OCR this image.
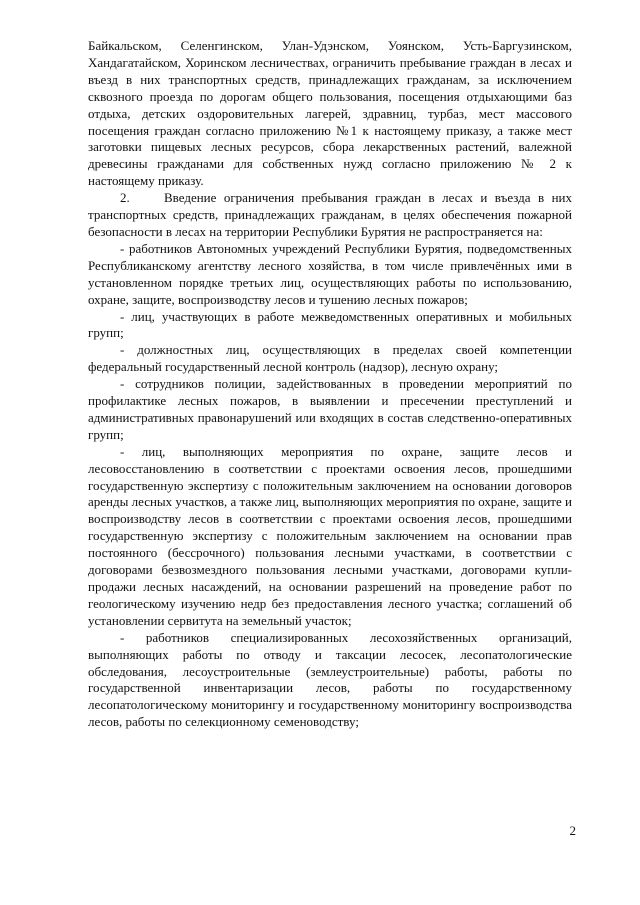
Байкальском, Селенгинском, Улан-Удэнском, Уоянском, Усть-Баргузинском, Хандагатайском, Хоринском лесничествах, ограничить пребывание граждан в лесах и въезд в них транспортных средств, принадлежащих гражданам, за исключением сквозного проезда по дорогам общего пользования, посещения отдыхающими баз отдыха, детских оздоровительных лагерей, здравниц, турбаз, мест массового посещения граждан согласно приложению №1 к настоящему приказу, а также мест заготовки пищевых лесных ресурсов, сбора лекарственных растений, валежной древесины гражданами для собственных нужд согласно приложению № 2 к настоящему приказу.

2.	Введение ограничения пребывания граждан в лесах и въезда в них транспортных средств, принадлежащих гражданам, в целях обеспечения пожарной безопасности в лесах на территории Республики Бурятия не распространяется на:

- работников Автономных учреждений Республики Бурятия, подведомственных Республиканскому агентству лесного хозяйства, в том числе привлечённых ими в установленном порядке третьих лиц, осуществляющих работы по использованию, охране, защите, воспроизводству лесов и тушению лесных пожаров;

- лиц, участвующих в работе межведомственных оперативных и мобильных групп;

- должностных лиц, осуществляющих в пределах своей компетенции федеральный государственный лесной контроль (надзор), лесную охрану;

- сотрудников полиции, задействованных в проведении мероприятий по профилактике лесных пожаров, в выявлении и пресечении преступлений и административных правонарушений или входящих в состав следственно-оперативных групп;

- лиц, выполняющих мероприятия по охране, защите лесов и лесовосстановлению в соответствии с проектами освоения лесов, прошедшими государственную экспертизу с положительным заключением на основании договоров аренды лесных участков, а также лиц, выполняющих мероприятия по охране, защите и воспроизводству лесов в соответствии с проектами освоения лесов, прошедшими государственную экспертизу с положительным заключением на основании прав постоянного (бессрочного) пользования лесными участками, в соответствии с договорами безвозмездного пользования лесными участками, договорами купли-продажи лесных насаждений, на основании разрешений на проведение работ по геологическому изучению недр без предоставления лесного участка; соглашений об установлении сервитута на земельный участок;

- работников специализированных лесохозяйственных организаций, выполняющих работы по отводу и таксации лесосек, лесопатологические обследования, лесоустроительные (землеустроительные) работы, работы по государственной инвентаризации лесов, работы по государственному лесопатологическому мониторингу и государственному мониторингу воспроизводства лесов, работы по селекционному семеноводству;

2
